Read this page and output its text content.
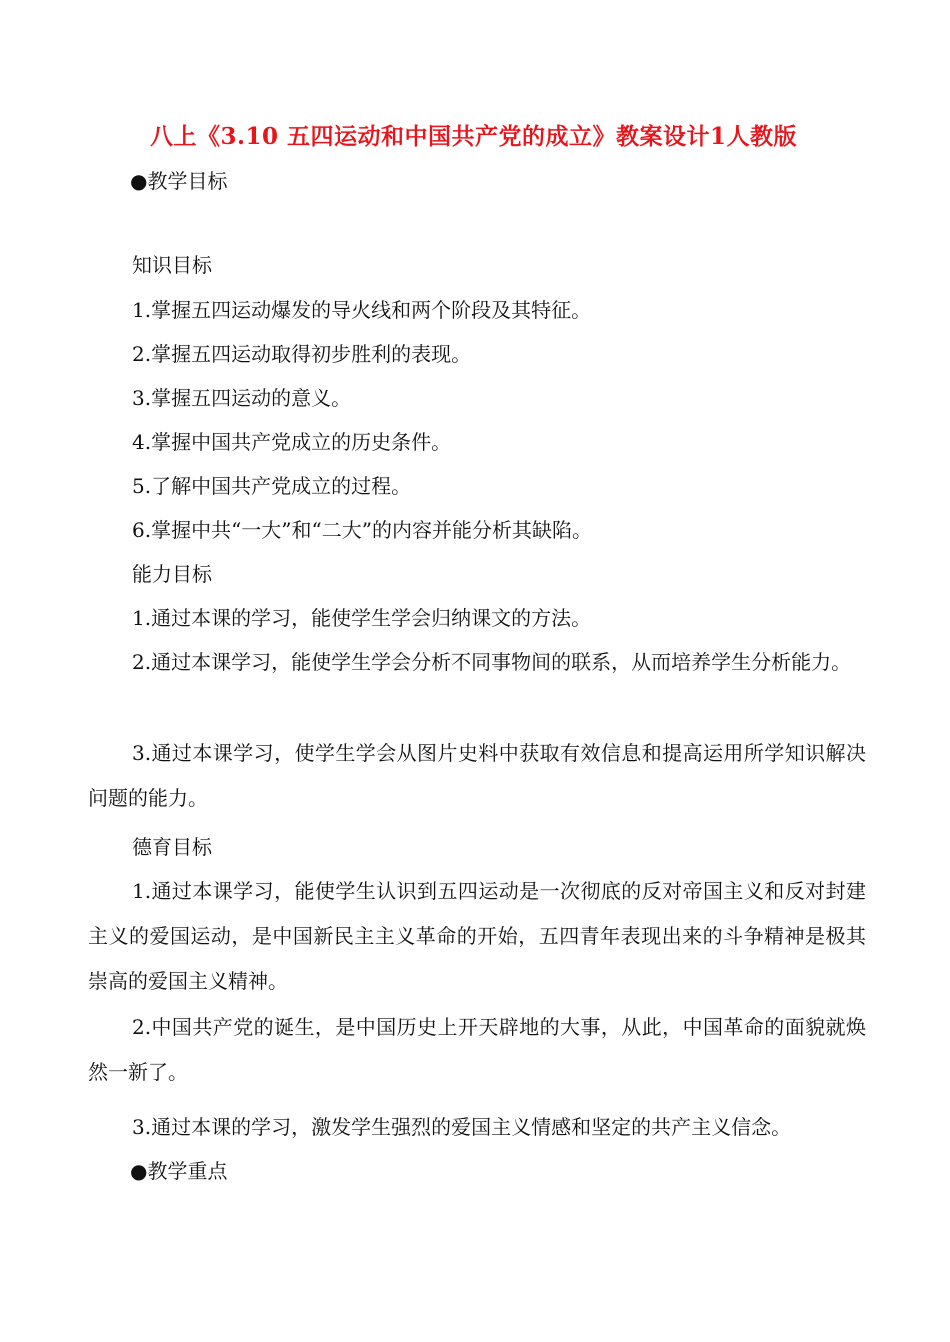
八上《3.10 五四运动和中国共产党的成立》教案设计1人教版
●教学目标
知识目标
1.掌握五四运动爆发的导火线和两个阶段及其特征。
2.掌握五四运动取得初步胜利的表现。
3.掌握五四运动的意义。
4.掌握中国共产党成立的历史条件。
5.了解中国共产党成立的过程。
6.掌握中共“一大”和“二大”的内容并能分析其缺陷。
能力目标
1.通过本课的学习，能使学生学会归纳课文的方法。
2.通过本课学习，能使学生学会分析不同事物间的联系，从而培养学生分析能力。
3.通过本课学习，使学生学会从图片史料中获取有效信息和提高运用所学知识解决问题的能力。
德育目标
1.通过本课学习，能使学生认识到五四运动是一次彻底的反对帝国主义和反对封建主义的爱国运动，是中国新民主主义革命的开始，五四青年表现出来的斗争精神是极其崇高的爱国主义精神。
2.中国共产党的诞生，是中国历史上开天辟地的大事，从此，中国革命的面貌就焕然一新了。
3.通过本课的学习，激发学生强烈的爱国主义情感和坚定的共产主义信念。
●教学重点
